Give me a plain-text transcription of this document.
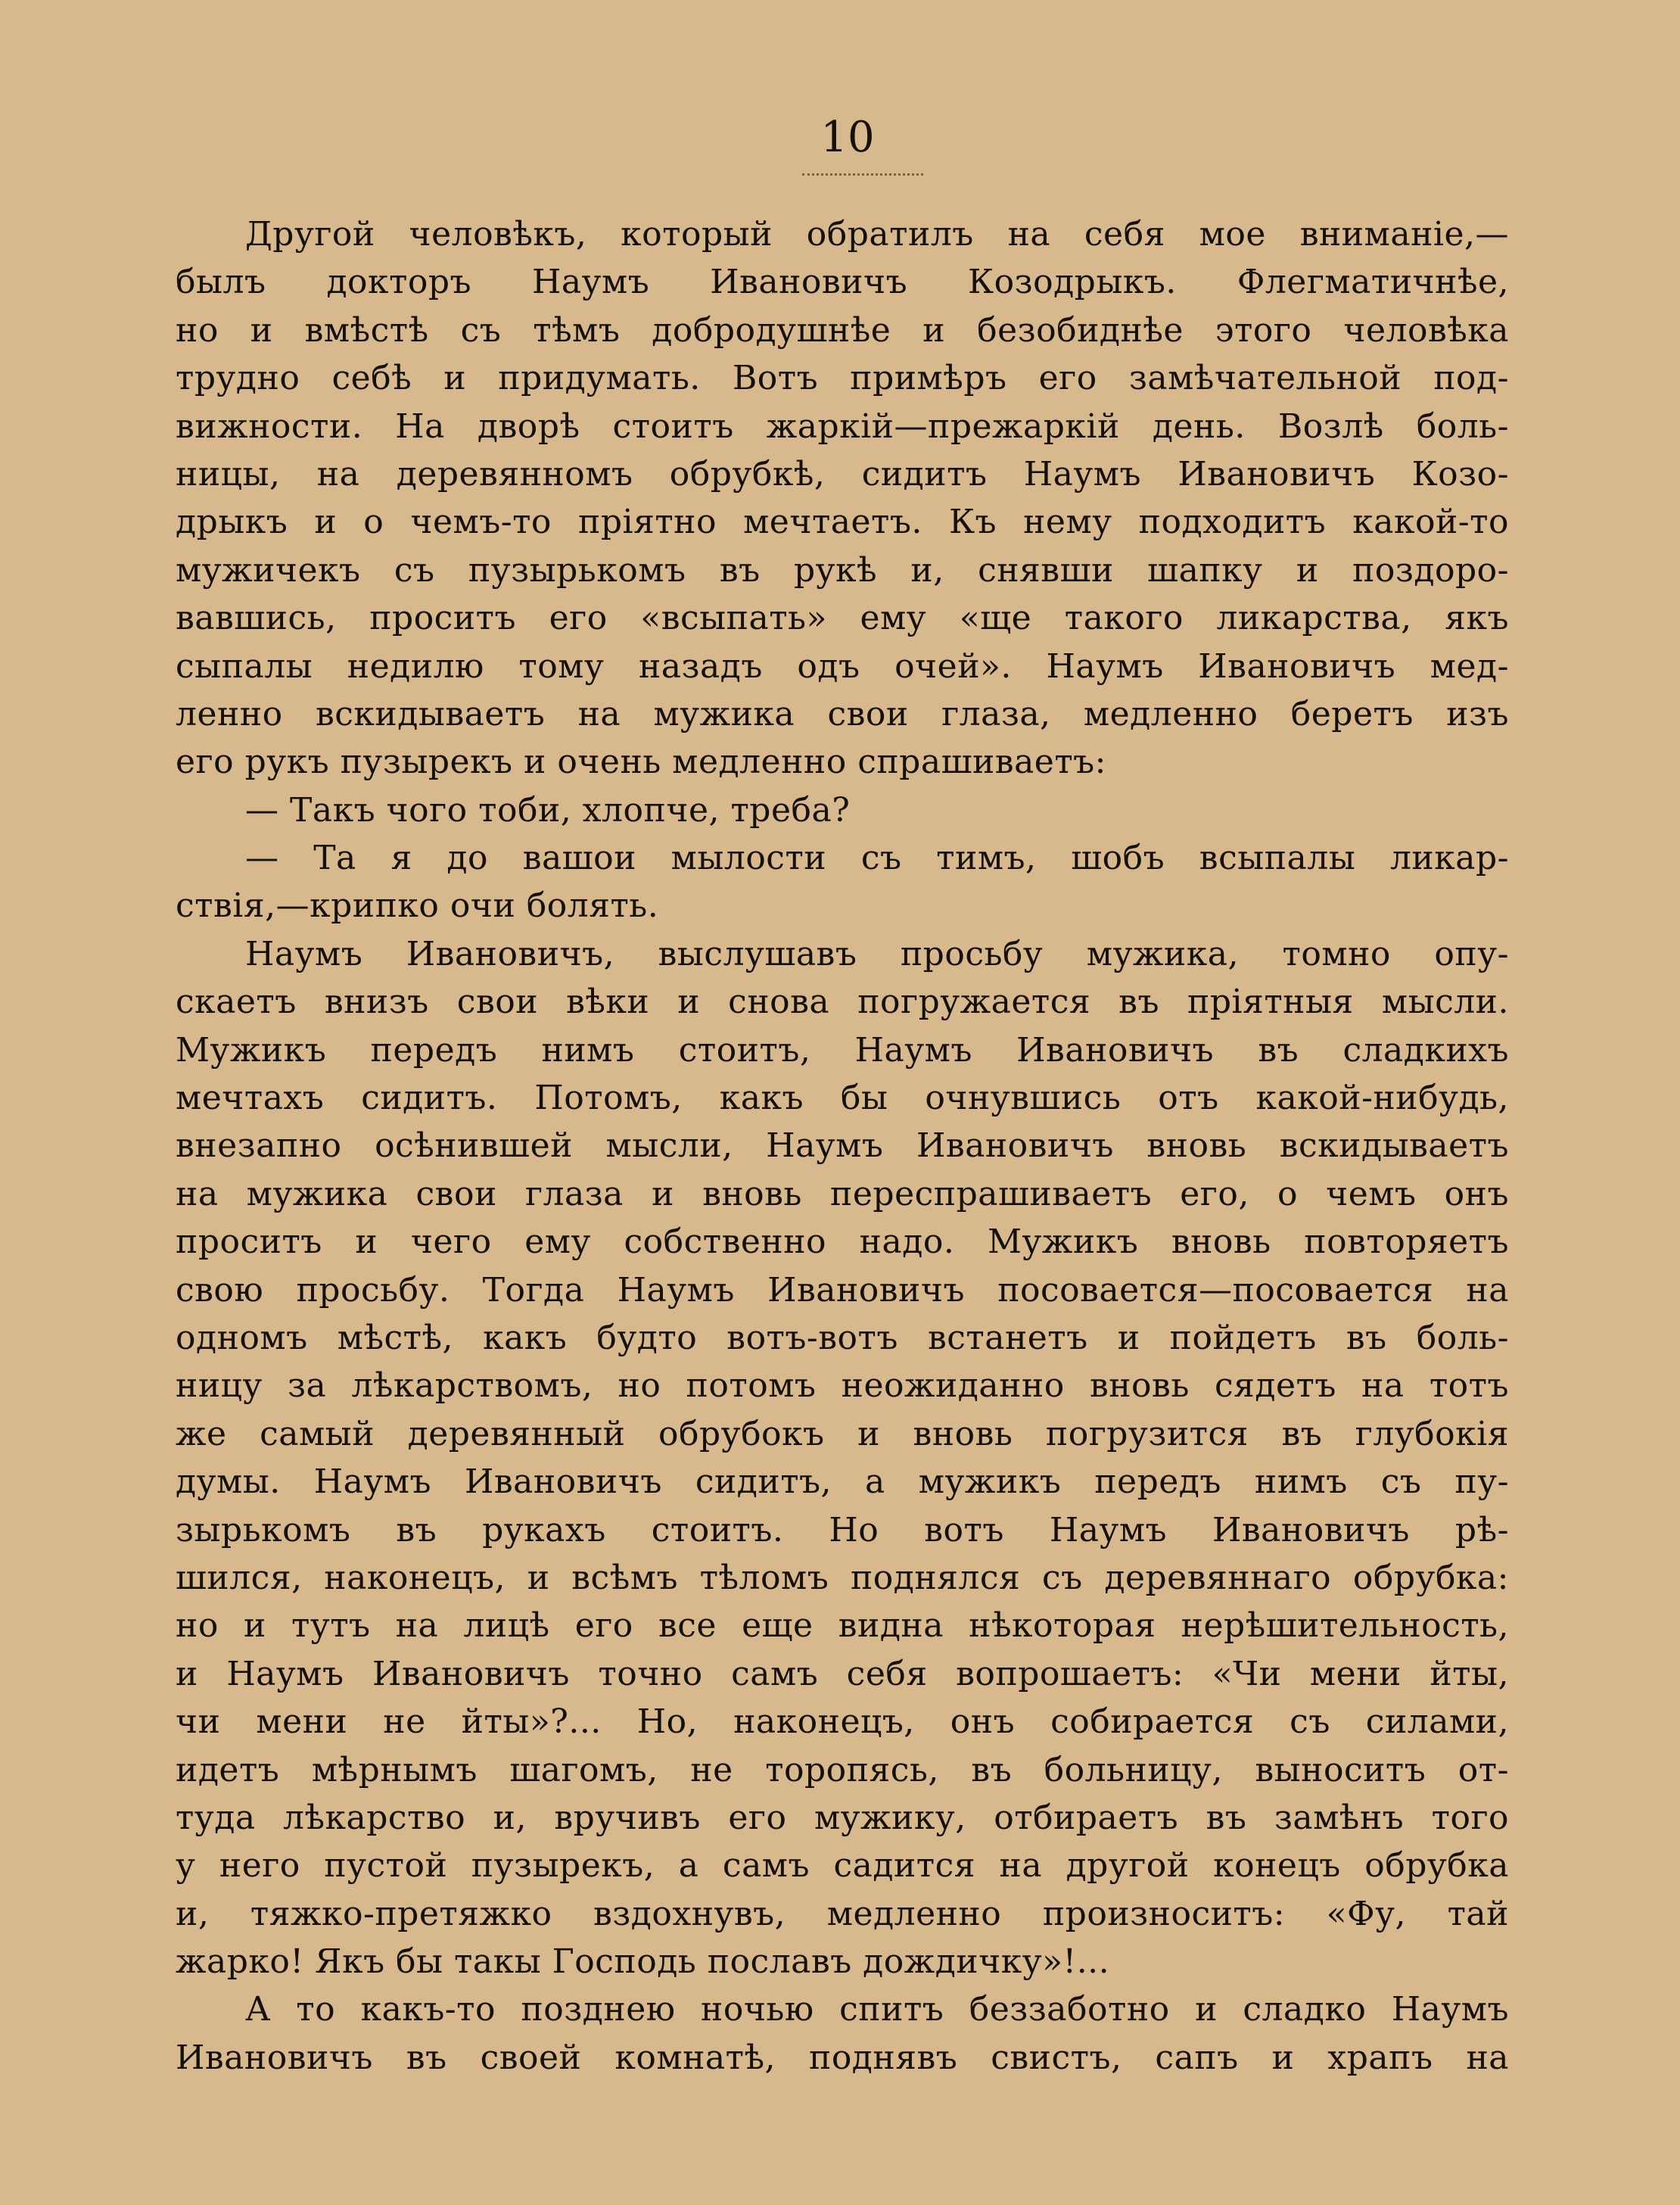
10
Другой человѣкъ, который обратилъ на себя мое вниманіе,—
былъ докторъ Наумъ Ивановичъ Козодрыкъ. Флегматичнѣе,
но и вмѣстѣ съ тѣмъ добродушнѣе и безобиднѣе этого человѣка
трудно себѣ и придумать. Вотъ примѣръ его замѣчательной под-
вижности. На дворѣ стоитъ жаркій—прежаркій день. Возлѣ боль-
ницы, на деревянномъ обрубкѣ, сидитъ Наумъ Ивановичъ Козо-
дрыкъ и о чемъ-то пріятно мечтаетъ. Къ нему подходитъ какой-то
мужичекъ съ пузырькомъ въ рукѣ и, снявши шапку и поздоро-
вавшись, проситъ его «всыпать» ему «ще такого ликарства, якъ
сыпалы недилю тому назадъ одъ очей». Наумъ Ивановичъ мед-
ленно вскидываетъ на мужика свои глаза, медленно беретъ изъ
его рукъ пузырекъ и очень медленно спрашиваетъ:
— Такъ чого тоби, хлопче, треба?
— Та я до вашои мылости съ тимъ, шобъ всыпалы ликар-
ствія,—крипко очи болять.
Наумъ Ивановичъ, выслушавъ просьбу мужика, томно опу-
скаетъ внизъ свои вѣки и снова погружается въ пріятныя мысли.
Мужикъ передъ нимъ стоитъ, Наумъ Ивановичъ въ сладкихъ
мечтахъ сидитъ. Потомъ, какъ бы очнувшись отъ какой-нибудь,
внезапно осѣнившей мысли, Наумъ Ивановичъ вновь вскидываетъ
на мужика свои глаза и вновь переспрашиваетъ его, о чемъ онъ
проситъ и чего ему собственно надо. Мужикъ вновь повторяетъ
свою просьбу. Тогда Наумъ Ивановичъ посовается—посовается на
одномъ мѣстѣ, какъ будто вотъ-вотъ встанетъ и пойдетъ въ боль-
ницу за лѣкарствомъ, но потомъ неожиданно вновь сядетъ на тотъ
же самый деревянный обрубокъ и вновь погрузится въ глубокія
думы. Наумъ Ивановичъ сидитъ, а мужикъ передъ нимъ съ пу-
зырькомъ въ рукахъ стоитъ. Но вотъ Наумъ Ивановичъ рѣ-
шился, наконецъ, и всѣмъ тѣломъ поднялся съ деревяннаго обрубка:
но и тутъ на лицѣ его все еще видна нѣкоторая нерѣшительность,
и Наумъ Ивановичъ точно самъ себя вопрошаетъ: «Чи мени йты,
чи мени не йты»?... Но, наконецъ, онъ собирается съ силами,
идетъ мѣрнымъ шагомъ, не торопясь, въ больницу, выноситъ от-
туда лѣкарство и, вручивъ его мужику, отбираетъ въ замѣнъ того
у него пустой пузырекъ, а самъ садится на другой конецъ обрубка
и, тяжко-претяжко вздохнувъ, медленно произноситъ: «Фу, тай
жарко! Якъ бы такы Господь пославъ дождичку»!...
А то какъ-то позднею ночью спитъ беззаботно и сладко Наумъ
Ивановичъ въ своей комнатѣ, поднявъ свистъ, сапъ и храпъ на
